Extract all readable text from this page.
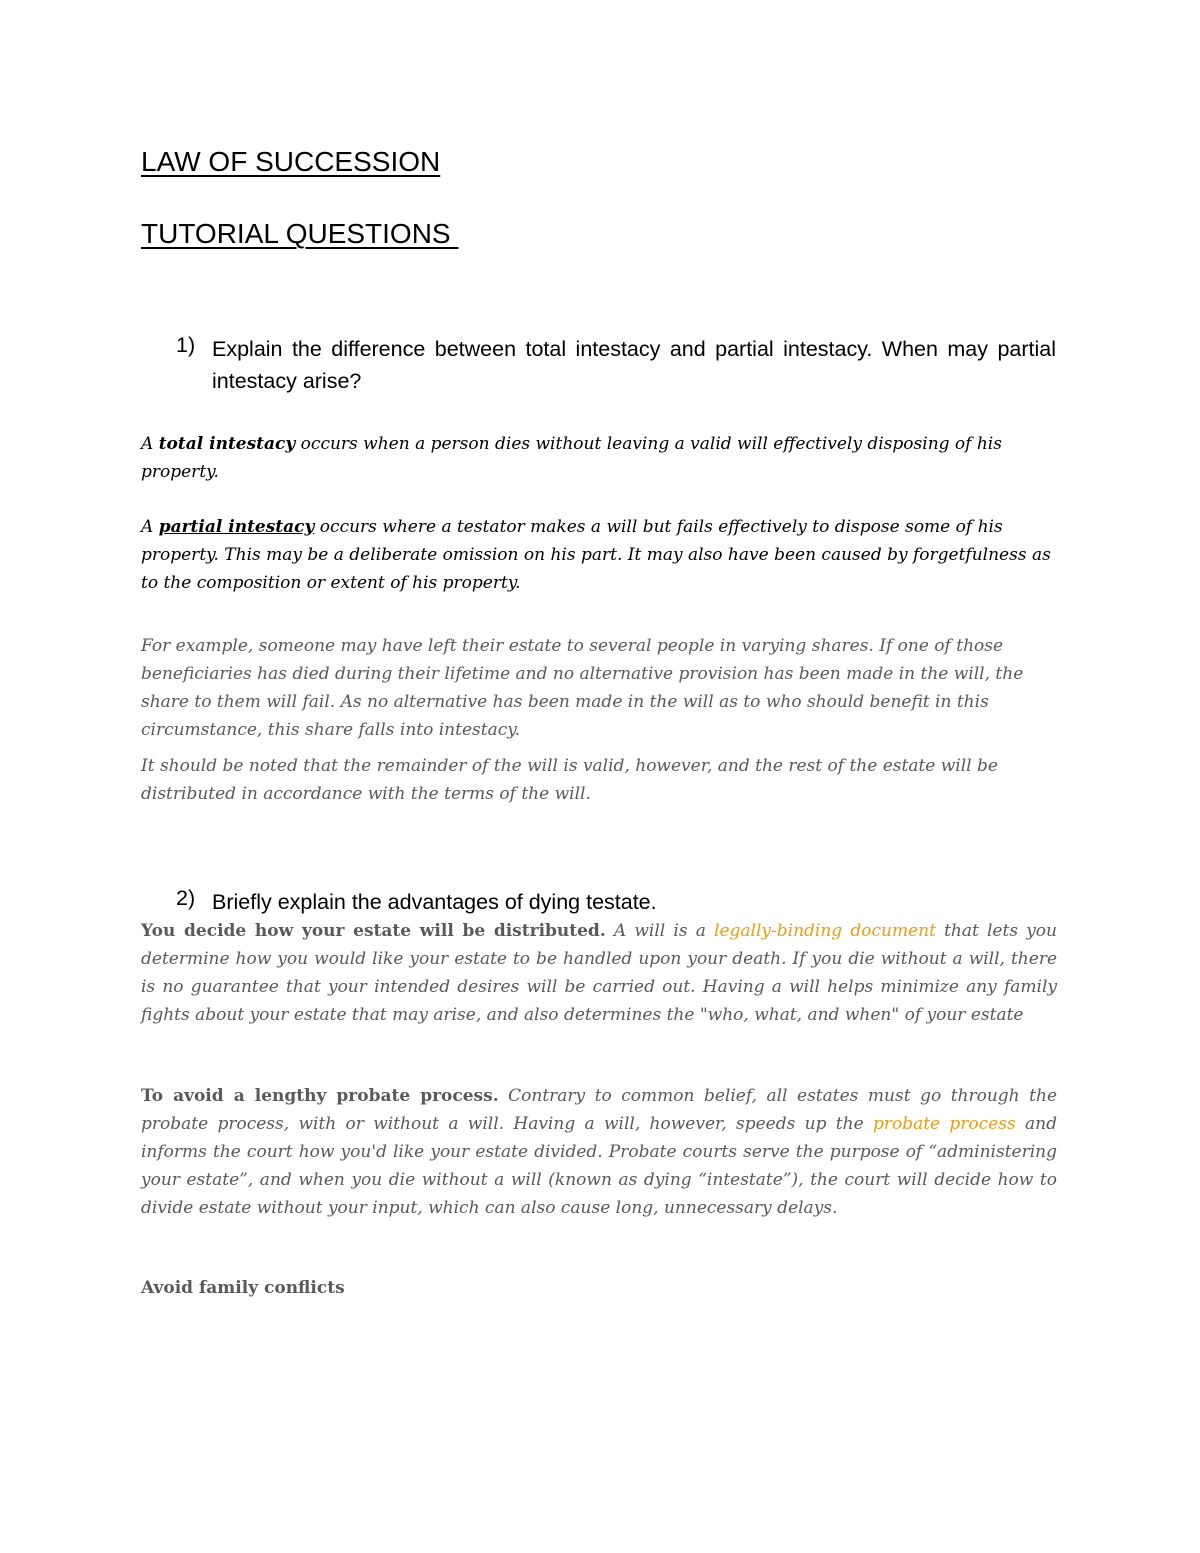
LAW OF SUCCESSION
TUTORIAL QUESTIONS
1) Explain the difference between total intestacy and partial intestacy. When may partial intestacy arise?

A total intestacy occurs when a person dies without leaving a valid will effectively disposing of his property.

A partial intestacy occurs where a testator makes a will but fails effectively to dispose some of his property. This may be a deliberate omission on his part. It may also have been caused by forgetfulness as to the composition or extent of his property.

For example, someone may have left their estate to several people in varying shares. If one of those beneficiaries has died during their lifetime and no alternative provision has been made in the will, the share to them will fail. As no alternative has been made in the will as to who should benefit in this circumstance, this share falls into intestacy.

It should be noted that the remainder of the will is valid, however, and the rest of the estate will be distributed in accordance with the terms of the will.

2) Briefly explain the advantages of dying testate.

You decide how your estate will be distributed. A will is a legally-binding document that lets you determine how you would like your estate to be handled upon your death. If you die without a will, there is no guarantee that your intended desires will be carried out. Having a will helps minimize any family fights about your estate that may arise, and also determines the "who, what, and when" of your estate

To avoid a lengthy probate process. Contrary to common belief, all estates must go through the probate process, with or without a will. Having a will, however, speeds up the probate process and informs the court how you'd like your estate divided. Probate courts serve the purpose of “administering your estate”, and when you die without a will (known as dying “intestate”), the court will decide how to divide estate without your input, which can also cause long, unnecessary delays.

Avoid family conflicts
